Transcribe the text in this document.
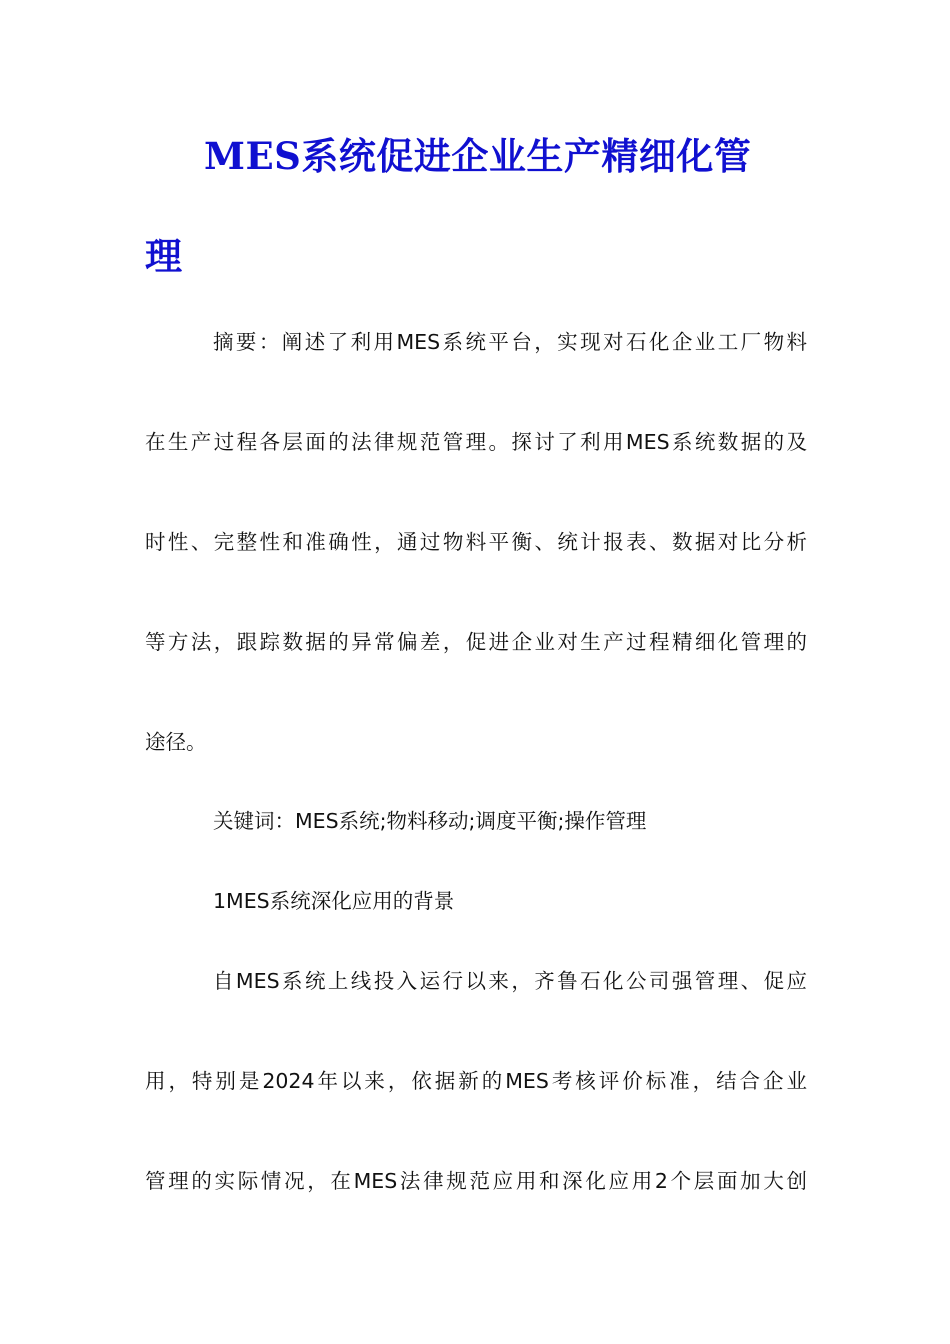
MES系统促进企业生产精细化管
理
摘要：阐述了利用MES系统平台，实现对石化企业工厂物料
在生产过程各层面的法律规范管理。探讨了利用MES系统数据的及
时性、完整性和准确性，通过物料平衡、统计报表、数据对比分析
等方法，跟踪数据的异常偏差，促进企业对生产过程精细化管理的
途径。
关键词：MES系统;物料移动;调度平衡;操作管理
1MES系统深化应用的背景
自MES系统上线投入运行以来，齐鲁石化公司强管理、促应
用，特别是2024年以来，依据新的MES考核评价标准，结合企业
管理的实际情况，在MES法律规范应用和深化应用2个层面加大创
